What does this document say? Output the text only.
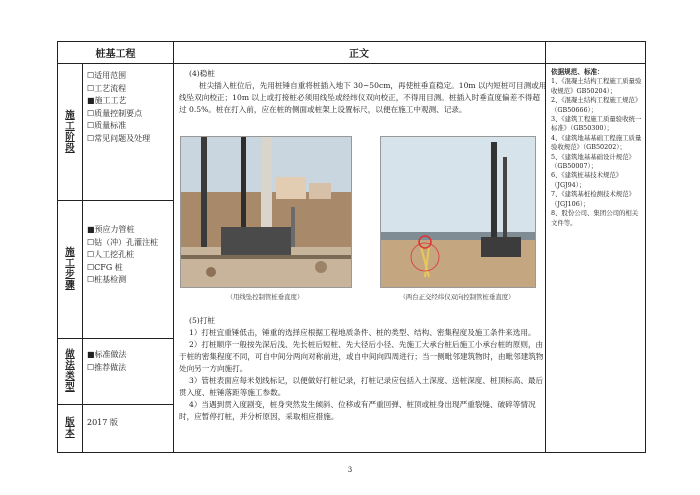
桩基工程	正文
施工阶段
☐适用范围
☐工艺流程
■施工工艺
☐质量控制要点
☐质量标准
☐常见问题及处理
施工步骤
■预应力管桩
☐钻（冲）孔灌注桩
☐人工挖孔桩
☐CFG 桩
☐桩基检测
做法类型
■标准做法
☐推荐做法
版本
2017 版

(4)稳桩

桩尖插入桩位后，先用桩锤自重将桩插入地下 30~50cm，再使桩垂直稳定。10m 以内短桩可目测或用线坠双向校正；10m 以上或打接桩必须用线坠或经纬仪双向校正，不得用目测。桩插入时垂直度偏差不得超过 0.5%。桩在打入前，应在桩的侧面或桩架上设置标尺，以便在施工中观测、记录。

（用线坠控制管桩垂直度）	（两台正交经纬仪双向控制管桩垂直度）

(5)打桩

1）打桩宜重锤低击，锤重的选择应根据工程地质条件、桩的类型、结构、密集程度及施工条件来选用。

2）打桩顺序一般按先深后浅、先长桩后短桩、先大径后小径、先施工大承台桩后施工小承台桩的原则，由于桩的密集程度不同，可自中间分两向对称前进，或自中间向四周进行；当一侧毗邻建筑物时，由毗邻建筑物处向另一方向施打。

3）管桩表面应每米划线标记，以便做好打桩记录，打桩记录应包括入土深度、送桩深度、桩顶标高、最后贯入度、桩锤落距等施工参数。

4）当遇到贯入度剧变，桩身突然发生倾斜、位移或有严重回弹、桩顶或桩身出现严重裂缝、破碎等情况时，应暂停打桩，并分析原因，采取相应措施。

依据规范、标准：
1、《混凝土结构工程施工质量验收规范》GB50204）；
2、《混凝土结构工程施工规范》（GB50666）；
3、《建筑工程施工质量验收统一标准》（GB50300）；
4、《建筑地基基础工程施工质量验收规范》（GB50202）；
5、《建筑地基基础设计规范》（GB50007）；
6、《建筑桩基技术规范》（JGJ94）；
7、《建筑基桩检测技术规范》（JGJ106）；
8、股份公司、集团公司的相关文件等。
3
